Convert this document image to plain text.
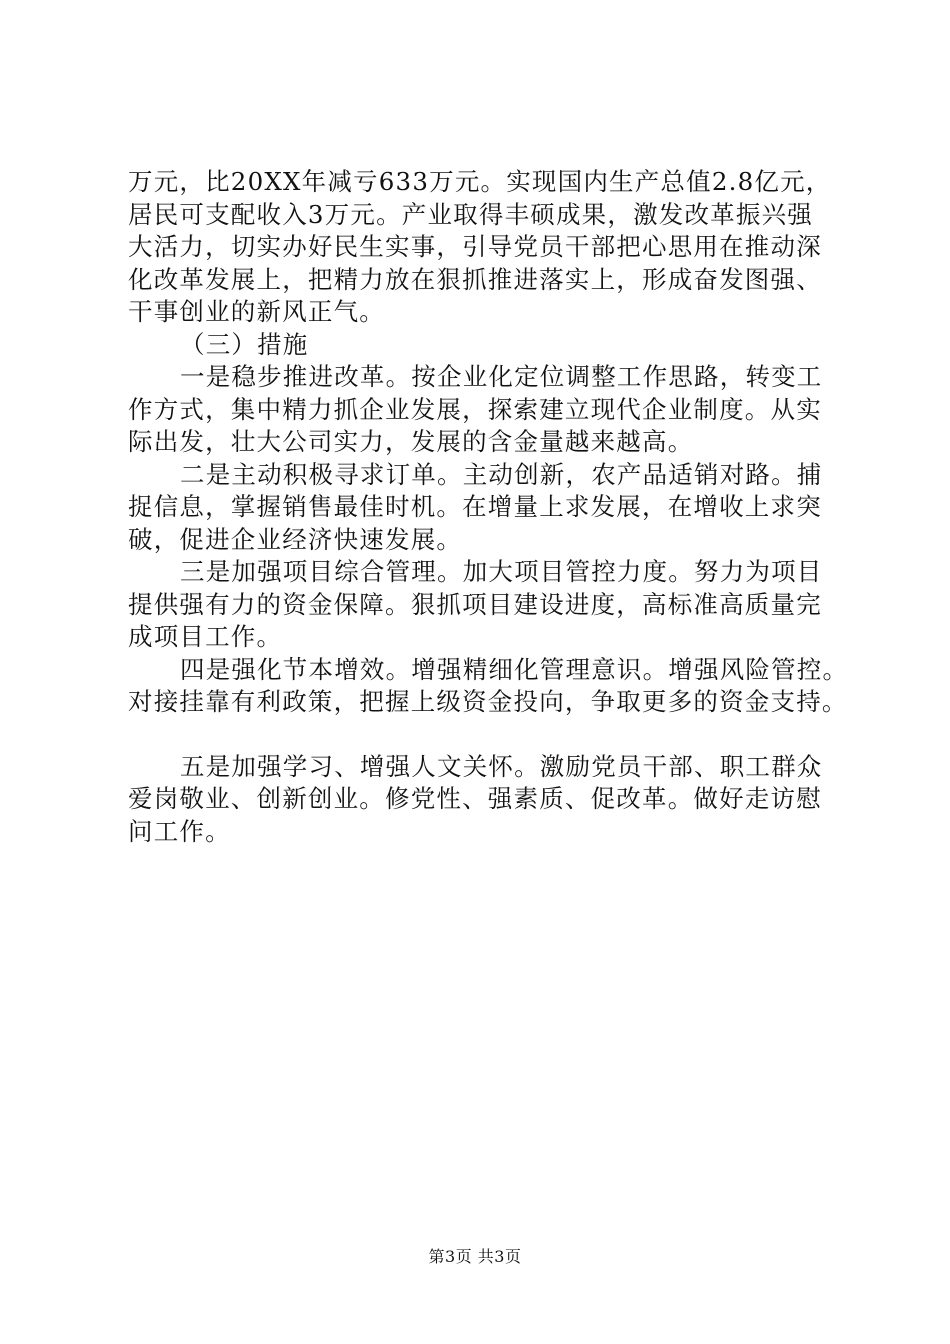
万元，比20XX年减亏633万元。实现国内生产总值2.8亿元，
居民可支配收入3万元。产业取得丰硕成果，激发改革振兴强
大活力，切实办好民生实事，引导党员干部把心思用在推动深
化改革发展上，把精力放在狠抓推进落实上，形成奋发图强、
干事创业的新风正气。
（三）措施
一是稳步推进改革。按企业化定位调整工作思路，转变工
作方式，集中精力抓企业发展，探索建立现代企业制度。从实
际出发，壮大公司实力，发展的含金量越来越高。
二是主动积极寻求订单。主动创新，农产品适销对路。捕
捉信息，掌握销售最佳时机。在增量上求发展，在增收上求突
破，促进企业经济快速发展。
三是加强项目综合管理。加大项目管控力度。努力为项目
提供强有力的资金保障。狠抓项目建设进度，高标准高质量完
成项目工作。
四是强化节本增效。增强精细化管理意识。增强风险管控。
对接挂靠有利政策，把握上级资金投向，争取更多的资金支持。
五是加强学习、增强人文关怀。激励党员干部、职工群众
爱岗敬业、创新创业。修党性、强素质、促改革。做好走访慰
问工作。
第3页 共3页
